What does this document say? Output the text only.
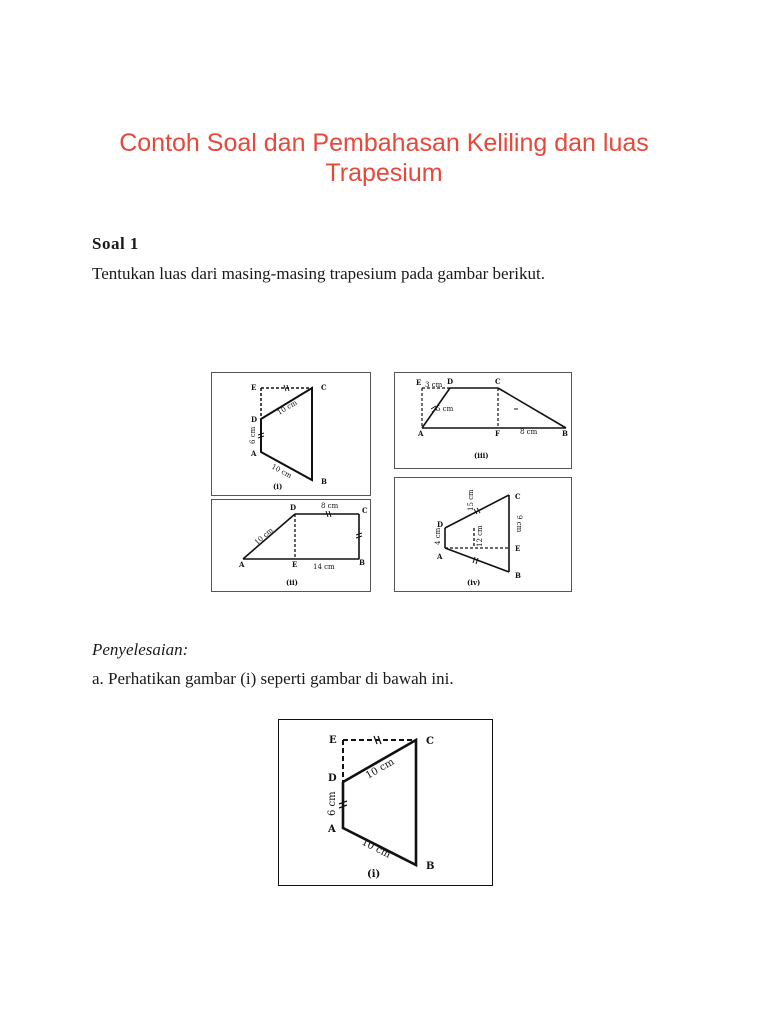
Contoh Soal dan Pembahasan Keliling dan luas Trapesium
Soal 1
Tentukan luas dari masing-masing trapesium pada gambar berikut.
E	C
D
A
B
10 cm
6 cm
10 cm
(i)
E 3 cm D	C
5 cm
A	F	8 cm	B
(iii)
D	8 cm	C
10 cm
A	E 14 cm	B
(ii)
C
15 cm
9 cm
12 cm
D
4 cm
A
E
B
(iv)
Penyelesaian:
a. Perhatikan gambar (i) seperti gambar di bawah ini.
E	C
D
A
B
10 cm
6 cm
10 cm
(i)
